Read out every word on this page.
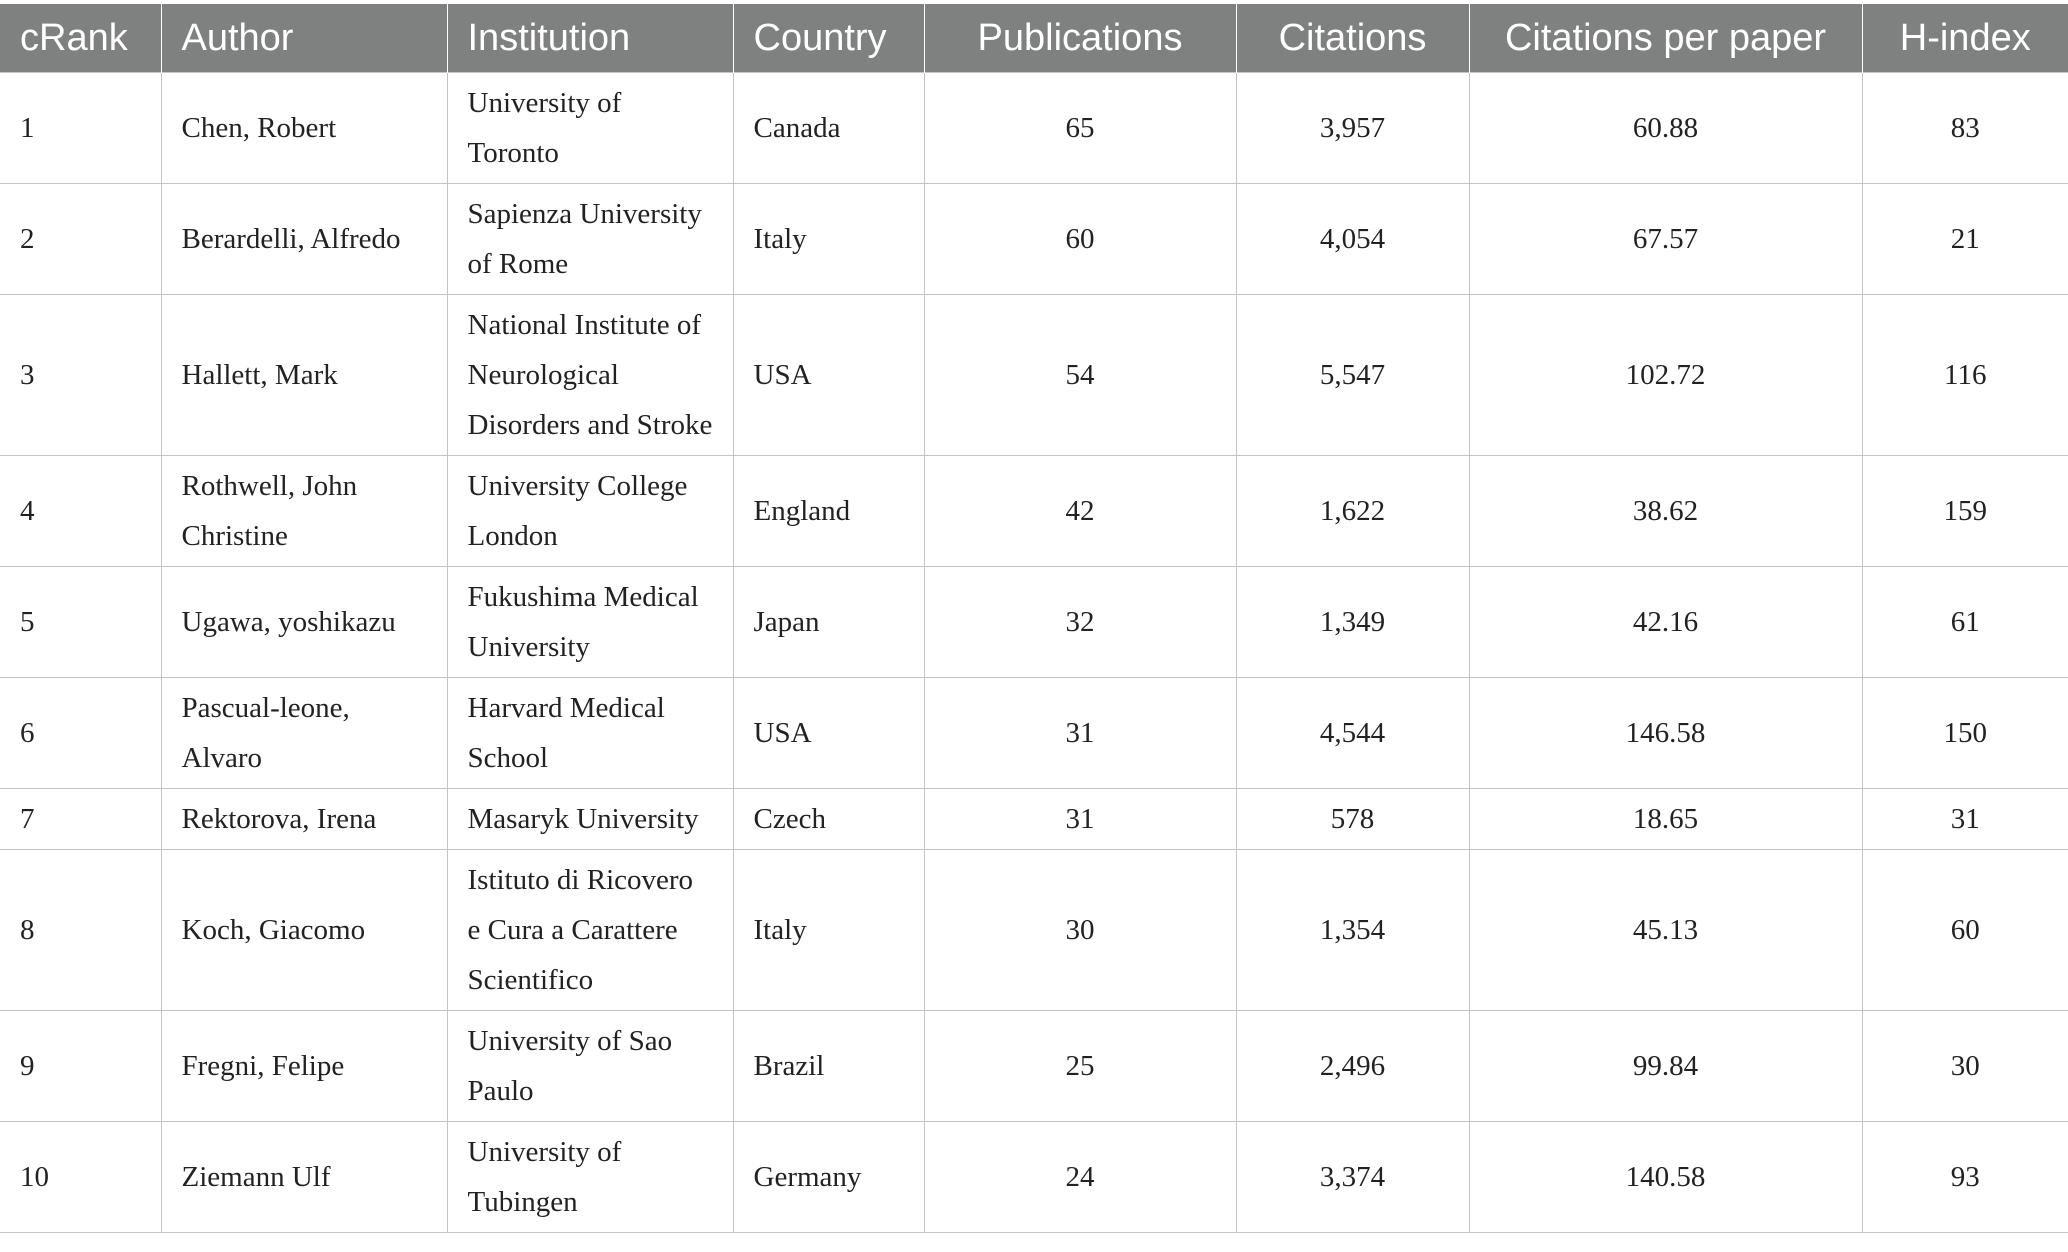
cRank	Author	Institution	Country	Publications	Citations	Citations per paper	H-index
1	Chen, Robert	University of Toronto	Canada	65	3,957	60.88	83
2	Berardelli, Alfredo	Sapienza University of Rome	Italy	60	4,054	67.57	21
3	Hallett, Mark	National Institute of Neurological Disorders and Stroke	USA	54	5,547	102.72	116
4	Rothwell, John Christine	University College London	England	42	1,622	38.62	159
5	Ugawa, yoshikazu	Fukushima Medical University	Japan	32	1,349	42.16	61
6	Pascual-leone, Alvaro	Harvard Medical School	USA	31	4,544	146.58	150
7	Rektorova, Irena	Masaryk University	Czech	31	578	18.65	31
8	Koch, Giacomo	Istituto di Ricovero e Cura a Carattere Scientifico	Italy	30	1,354	45.13	60
9	Fregni, Felipe	University of Sao Paulo	Brazil	25	2,496	99.84	30
10	Ziemann Ulf	University of Tubingen	Germany	24	3,374	140.58	93
